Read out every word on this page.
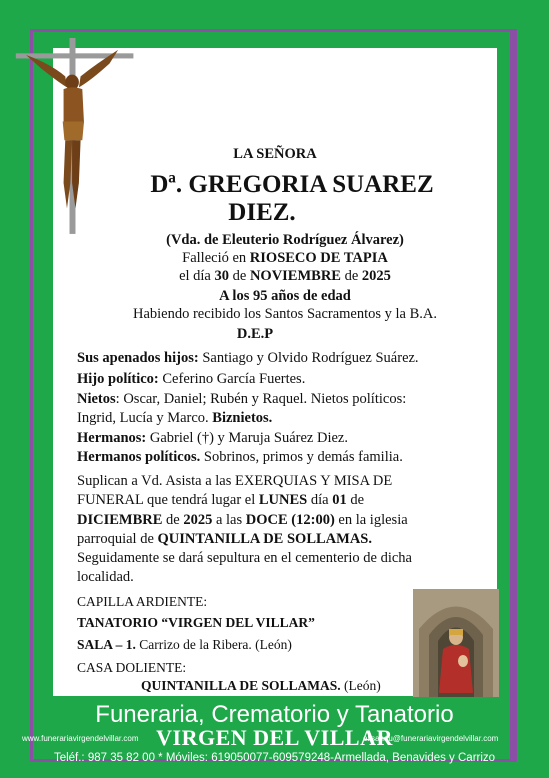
LA SEÑORA
Dª. GREGORIA SUAREZ
DIEZ.
(Vda. de Eleuterio Rodríguez Álvarez)
Falleció en RIOSECO DE TAPIA
el día 30 de NOVIEMBRE de 2025
A los 95 años de edad
Habiendo recibido los Santos Sacramentos y la B.A.
D.E.P
Sus apenados hijos: Santiago y Olvido Rodríguez Suárez.
Hijo político: Ceferino García Fuertes.
Nietos: Oscar, Daniel; Rubén y Raquel. Nietos políticos:
Ingrid, Lucía y Marco. Biznietos.
Hermanos: Gabriel (†) y Maruja Suárez Diez.
Hermanos políticos. Sobrinos, primos y demás familia.
Suplican a Vd. Asista a las EXERQUIAS Y MISA DE
FUNERAL que tendrá lugar el LUNES día 01 de
DICIEMBRE de 2025 a las DOCE (12:00) en la iglesia
parroquial de QUINTANILLA DE SOLLAMAS.
Seguidamente se dará sepultura en el cementerio de dicha
localidad.
CAPILLA ARDIENTE:
TANATORIO “VIRGEN DEL VILLAR”
SALA – 1. Carrizo de la Ribera. (León)
CASA DOLIENTE:
QUINTANILLA DE SOLLAMAS. (León)
Funeraria, Crematorio y Tanatorio
www.funerariavirgendelvillar.com VIRGEN DEL VILLAR
elisandu@funerariavirgendelvillar.com
Teléf.: 987 35 82 00 * Móviles: 619050077-609579248-Armellada, Benavides y Carrizo
